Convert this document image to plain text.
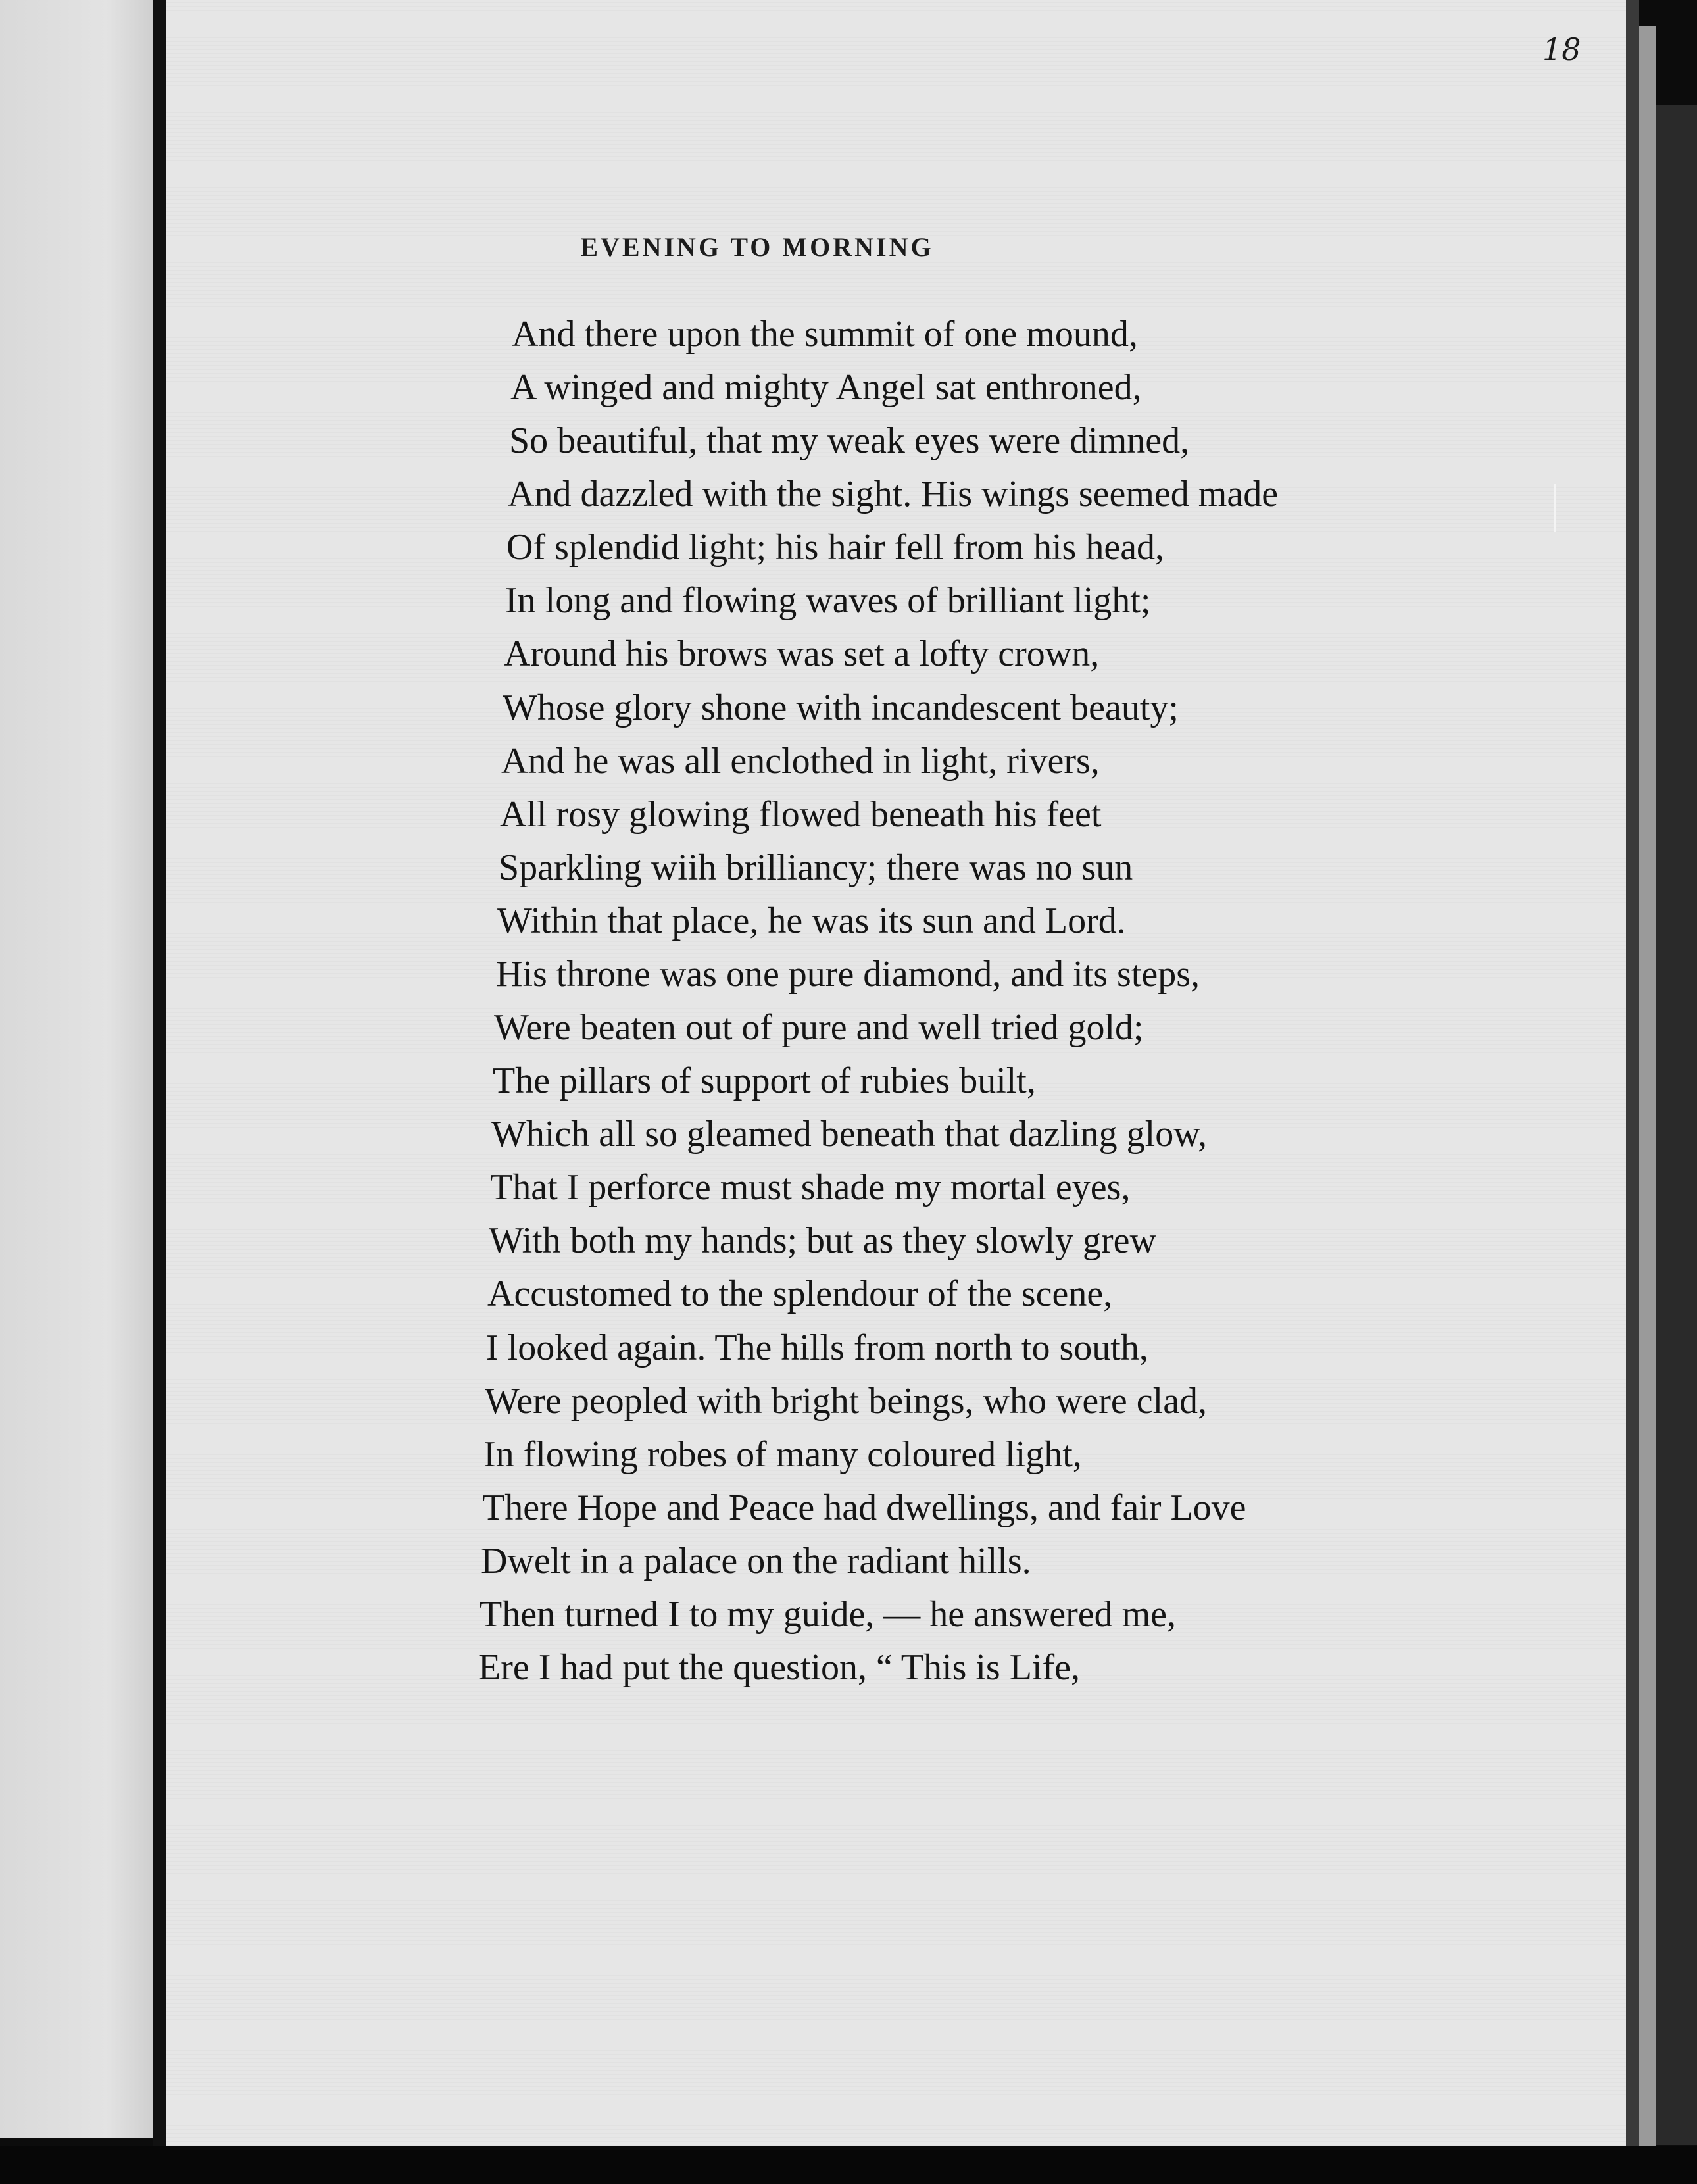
18
EVENING TO MORNING
And there upon the summit of one mound,
A winged and mighty Angel sat enthroned,
So beautiful, that my weak eyes were dimned,
And dazzled with the sight. His wings seemed made
Of splendid light; his hair fell from his head,
In long and flowing waves of brilliant light;
Around his brows was set a lofty crown,
Whose glory shone with incandescent beauty;
And he was all enclothed in light, rivers,
All rosy glowing flowed beneath his feet
Sparkling wiih brilliancy; there was no sun
Within that place, he was its sun and Lord.
His throne was one pure diamond, and its steps,
Were beaten out of pure and well tried gold;
The pillars of support of rubies built,
Which all so gleamed beneath that dazling glow,
That I perforce must shade my mortal eyes,
With both my hands; but as they slowly grew
Accustomed to the splendour of the scene,
I looked again. The hills from north to south,
Were peopled with bright beings, who were clad,
In flowing robes of many coloured light,
There Hope and Peace had dwellings, and fair Love
Dwelt in a palace on the radiant hills.
Then turned I to my guide, — he answered me,
Ere I had put the question, “ This is Life,
